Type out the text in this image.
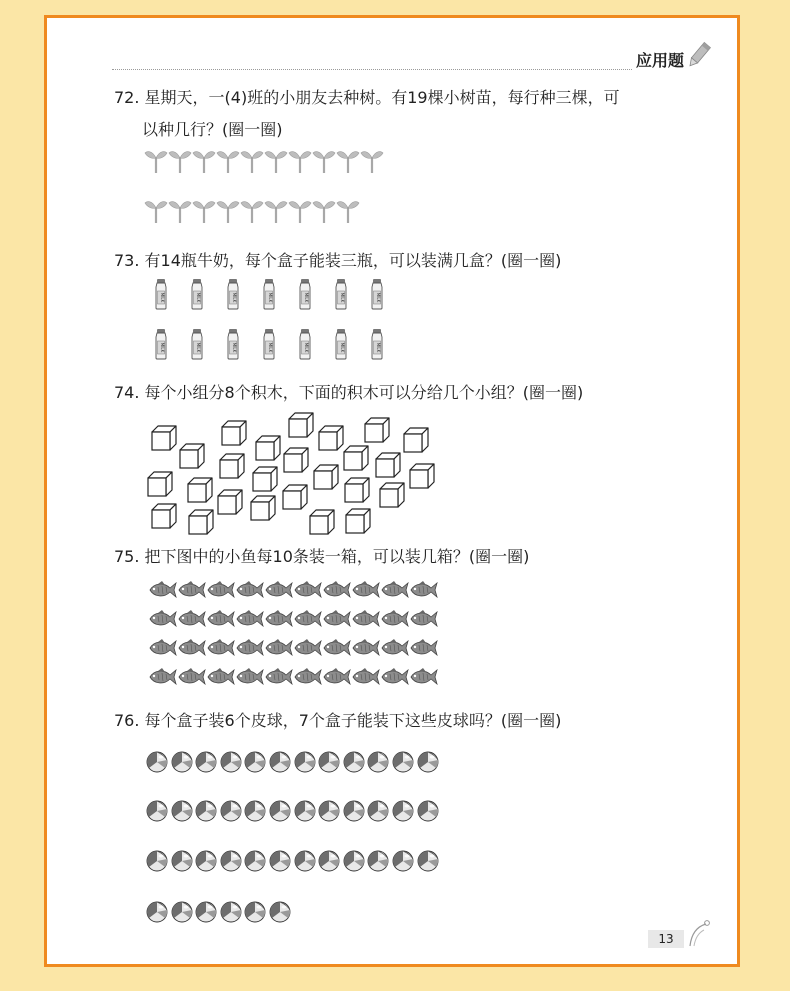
应用题
72. 星期天，一(4)班的小朋友去种树。有19棵小树苗，每行种三棵，可
以种几行？(圈一圈)
73. 有14瓶牛奶，每个盒子能装三瓶，可以装满几盒？(圈一圈)
MILK	MILK	MILK	MILK	MILK	MILK	MILK
MILK	MILK	MILK	MILK	MILK	MILK	MILK
74. 每个小组分8个积木，下面的积木可以分给几个小组？(圈一圈)
75. 把下图中的小鱼每10条装一箱，可以装几箱？(圈一圈)
76. 每个盒子装6个皮球，7个盒子能装下这些皮球吗？(圈一圈)
13
